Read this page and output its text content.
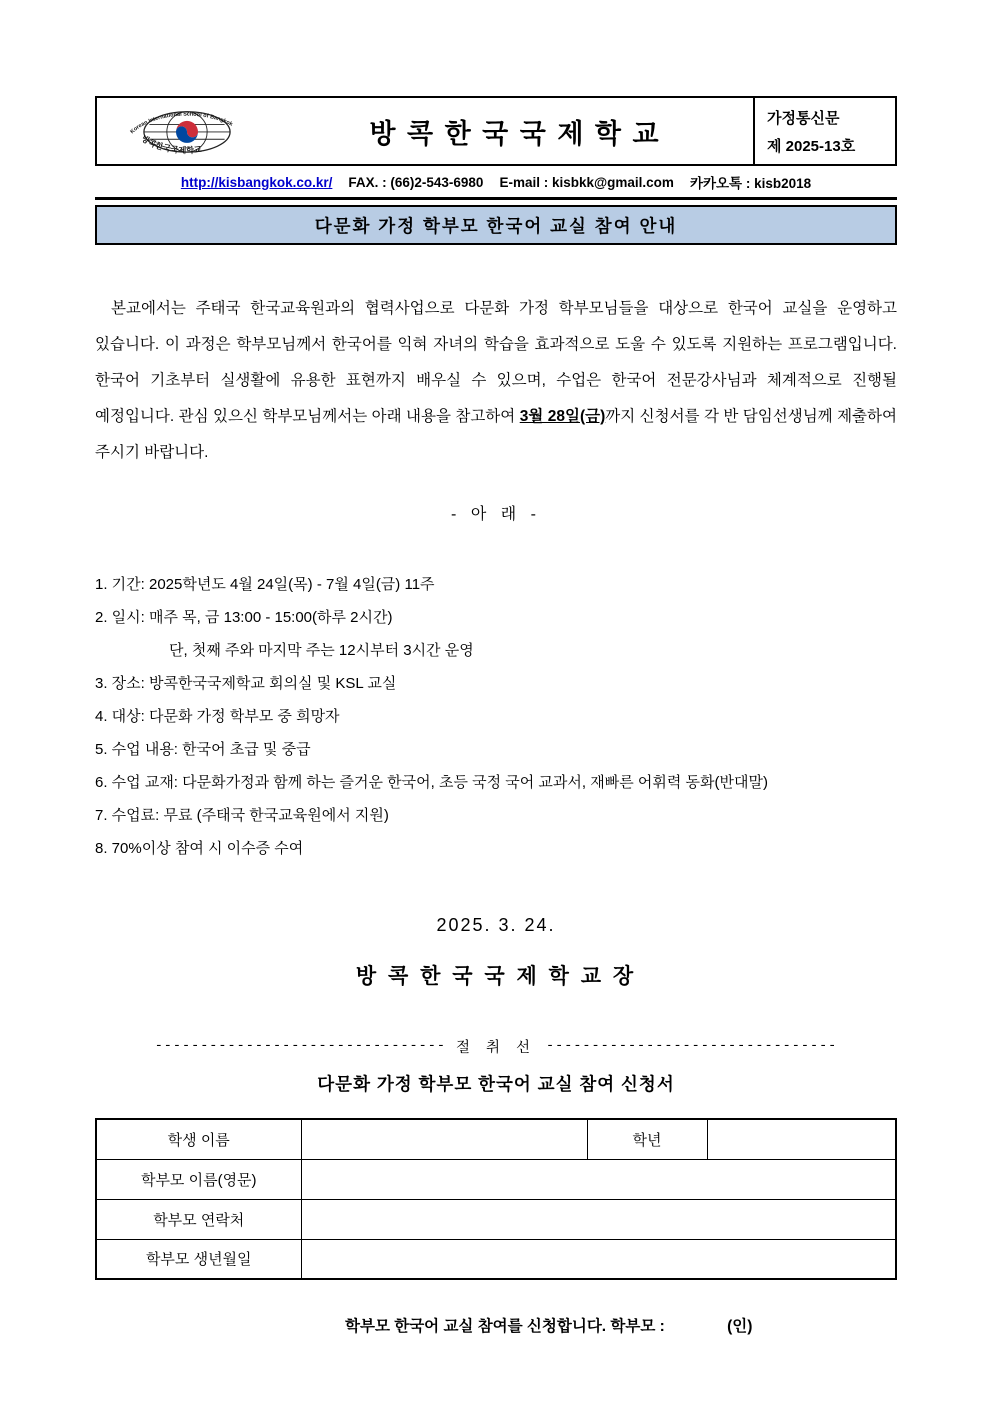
Korean International School of Bangkok
방콕한국국제학교
방 콕 한 국 국 제 학 교
가정통신문
제 2025-13호
http://kisbangkok.co.kr/ FAX. : (66)2-543-6980 E-mail : kisbkk@gmail.com 카카오톡 : kisb2018
다문화 가정 학부모 한국어 교실 참여 안내
본교에서는 주태국 한국교육원과의 협력사업으로 다문화 가정 학부모님들을 대상으로 한국어 교실을 운영하고 있습니다. 이 과정은 학부모님께서 한국어를 익혀 자녀의 학습을 효과적으로 도울 수 있도록 지원하는 프로그램입니다. 한국어 기초부터 실생활에 유용한 표현까지 배우실 수 있으며, 수업은 한국어 전문강사님과 체계적으로 진행될 예정입니다. 관심 있으신 학부모님께서는 아래 내용을 참고하여 3월 28일(금)까지 신청서를 각 반 담임선생님께 제출하여 주시기 바랍니다.
- 아 래 -
1. 기간: 2025학년도 4월 24일(목) - 7월 4일(금) 11주
2. 일시: 매주 목, 금 13:00 - 15:00(하루 2시간)
단, 첫째 주와 마지막 주는 12시부터 3시간 운영
3. 장소: 방콕한국국제학교 회의실 및 KSL 교실
4. 대상: 다문화 가정 학부모 중 희망자
5. 수업 내용: 한국어 초급 및 중급
6. 수업 교재: 다문화가정과 함께 하는 즐거운 한국어, 초등 국정 국어 교과서, 재빠른 어휘력 동화(반대말)
7. 수업료: 무료 (주태국 한국교육원에서 지원)
8. 70%이상 참여 시 이수증 수여
2025. 3. 24.
방 콕 한 국 국 제 학 교 장
-------------------------------- 절 취 선 --------------------------------
다문화 가정 학부모 한국어 교실 참여 신청서
학생 이름		학년	
학부모 이름(영문)			
학부모 연락처			
학부모 생년월일			
학부모 한국어 교실 참여를 신청합니다. 학부모 :	(인)
